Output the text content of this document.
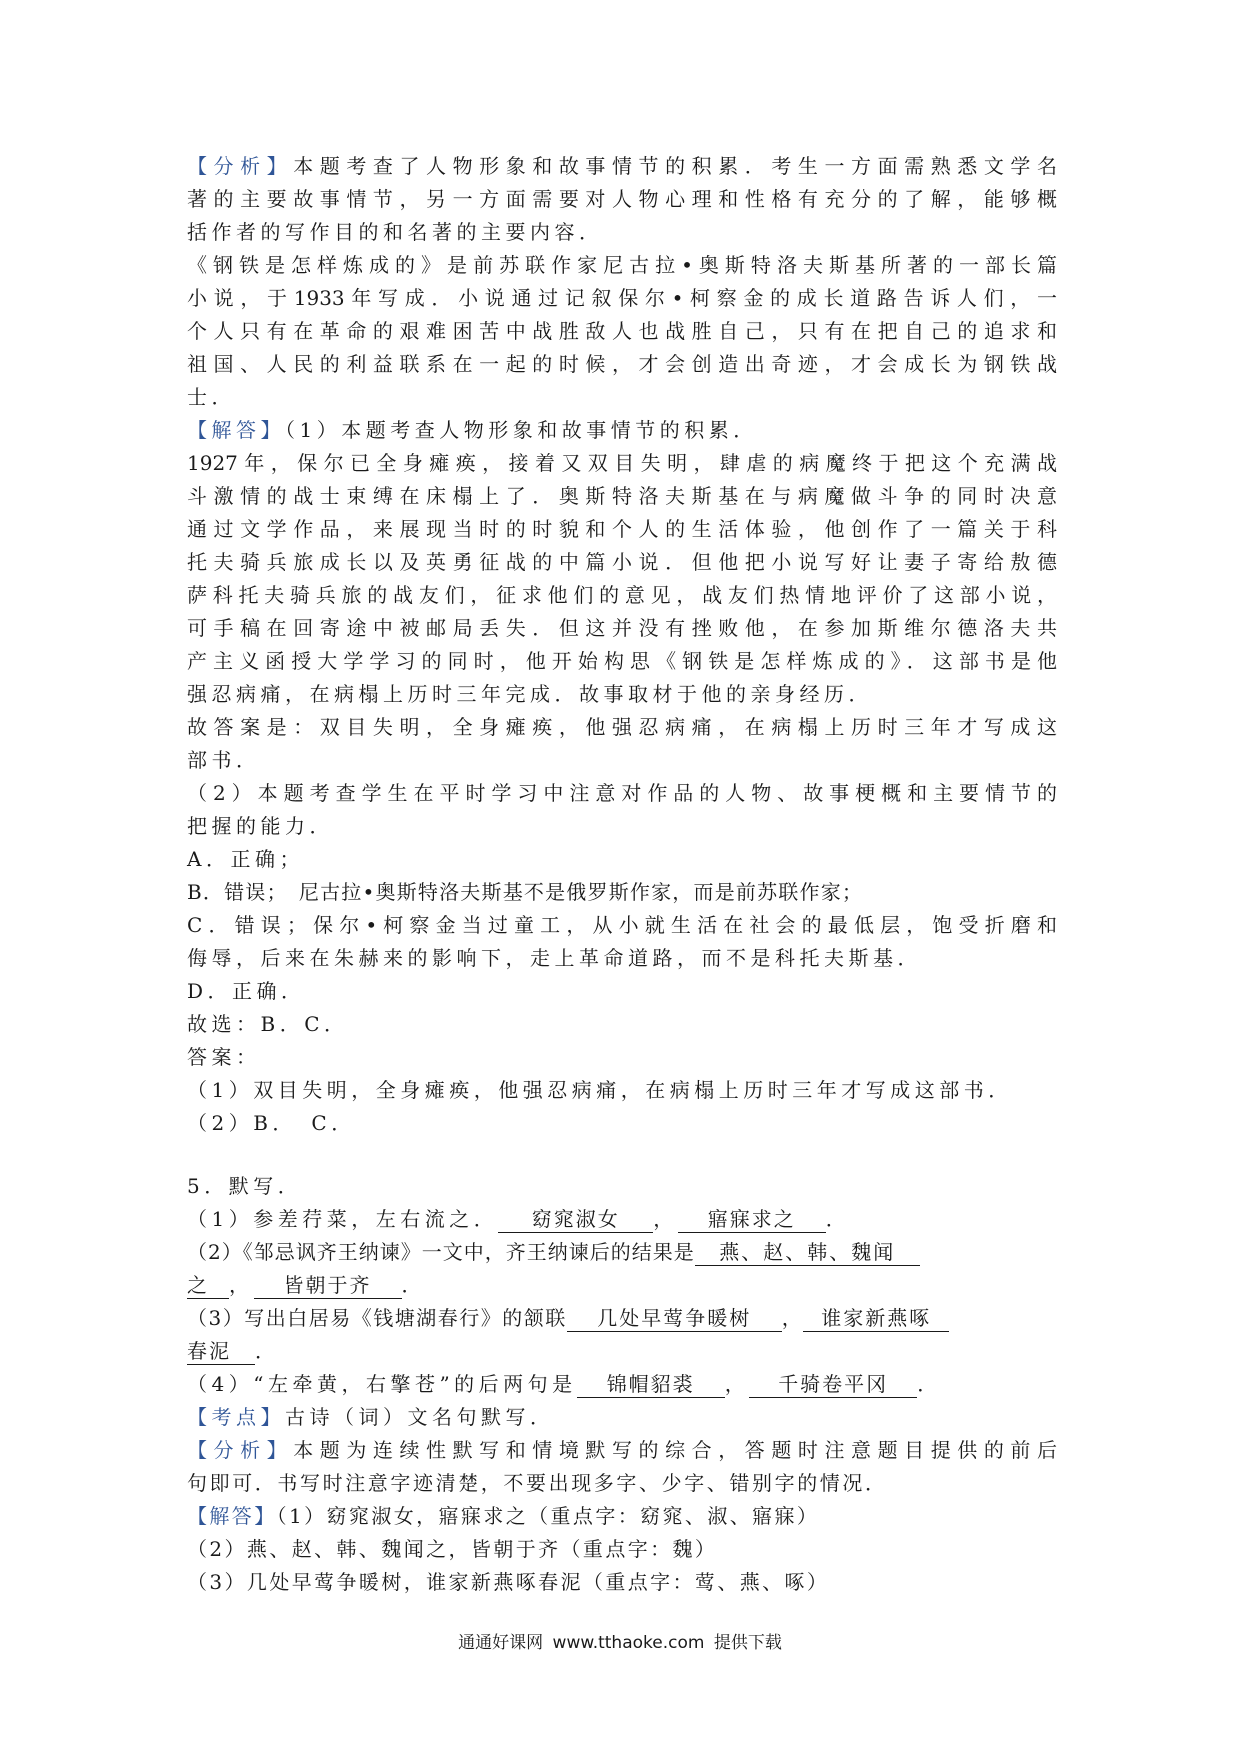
【分析】本题考查了人物形象和故事情节的积累．考生一方面需熟悉文学名
著的主要故事情节，另一方面需要对人物心理和性格有充分的了解，能够概
括作者的写作目的和名著的主要内容．
《钢铁是怎样炼成的》是前苏联作家尼古拉•奥斯特洛夫斯基所著的一部长篇
小说，于1933年写成．小说通过记叙保尔•柯察金的成长道路告诉人们，一
个人只有在革命的艰难困苦中战胜敌人也战胜自己，只有在把自己的追求和
祖国、人民的利益联系在一起的时候，才会创造出奇迹，才会成长为钢铁战
士．
【解答】（1）本题考查人物形象和故事情节的积累．
1927年，保尔已全身瘫痪，接着又双目失明，肆虐的病魔终于把这个充满战
斗激情的战士束缚在床榻上了．奥斯特洛夫斯基在与病魔做斗争的同时决意
通过文学作品，来展现当时的时貌和个人的生活体验，他创作了一篇关于科
托夫骑兵旅成长以及英勇征战的中篇小说．但他把小说写好让妻子寄给敖德
萨科托夫骑兵旅的战友们，征求他们的意见，战友们热情地评价了这部小说，
可手稿在回寄途中被邮局丢失．但这并没有挫败他，在参加斯维尔德洛夫共
产主义函授大学学习的同时，他开始构思《钢铁是怎样炼成的》．这部书是他
强忍病痛，在病榻上历时三年完成．故事取材于他的亲身经历．
故答案是：双目失明，全身瘫痪，他强忍病痛，在病榻上历时三年才写成这
部书．
（2）本题考查学生在平时学习中注意对作品的人物、故事梗概和主要情节的
把握的能力．
A．正确；
B．错误；　尼古拉•奥斯特洛夫斯基不是俄罗斯作家，而是前苏联作家；
C．错误；保尔•柯察金当过童工，从小就生活在社会的最低层，饱受折磨和
侮辱，后来在朱赫来的影响下，走上革命道路，而不是科托夫斯基．
D．正确．
故选：B．C．
答案：
（1）双目失明，全身瘫痪，他强忍病痛，在病榻上历时三年才写成这部书．
（2）B．　C．
5．默写．
（1）参差荇菜，左右流之． 窈窕淑女 ， 寤寐求之 ．
（2）《邹忌讽齐王纳谏》一文中，齐王纳谏后的结果是 燕、赵、韩、魏闻
之 ， 皆朝于齐 ．
（3）写出白居易《钱塘湖春行》的颔联 几处早莺争暖树 ， 谁家新燕啄
春泥 ．
（4）“左牵黄，右擎苍”的后两句是 锦帽貂裘 ， 千骑卷平冈 ．
【考点】古诗（词）文名句默写．
【分析】本题为连续性默写和情境默写的综合，答题时注意题目提供的前后
句即可．书写时注意字迹清楚，不要出现多字、少字、错别字的情况．
【解答】（1）窈窕淑女，寤寐求之（重点字：窈窕、淑、寤寐）
（2）燕、赵、韩、魏闻之，皆朝于齐（重点字：魏）
（3）几处早莺争暖树，谁家新燕啄春泥（重点字：莺、燕、啄）
通通好课网 www.tthaoke.com 提供下载
